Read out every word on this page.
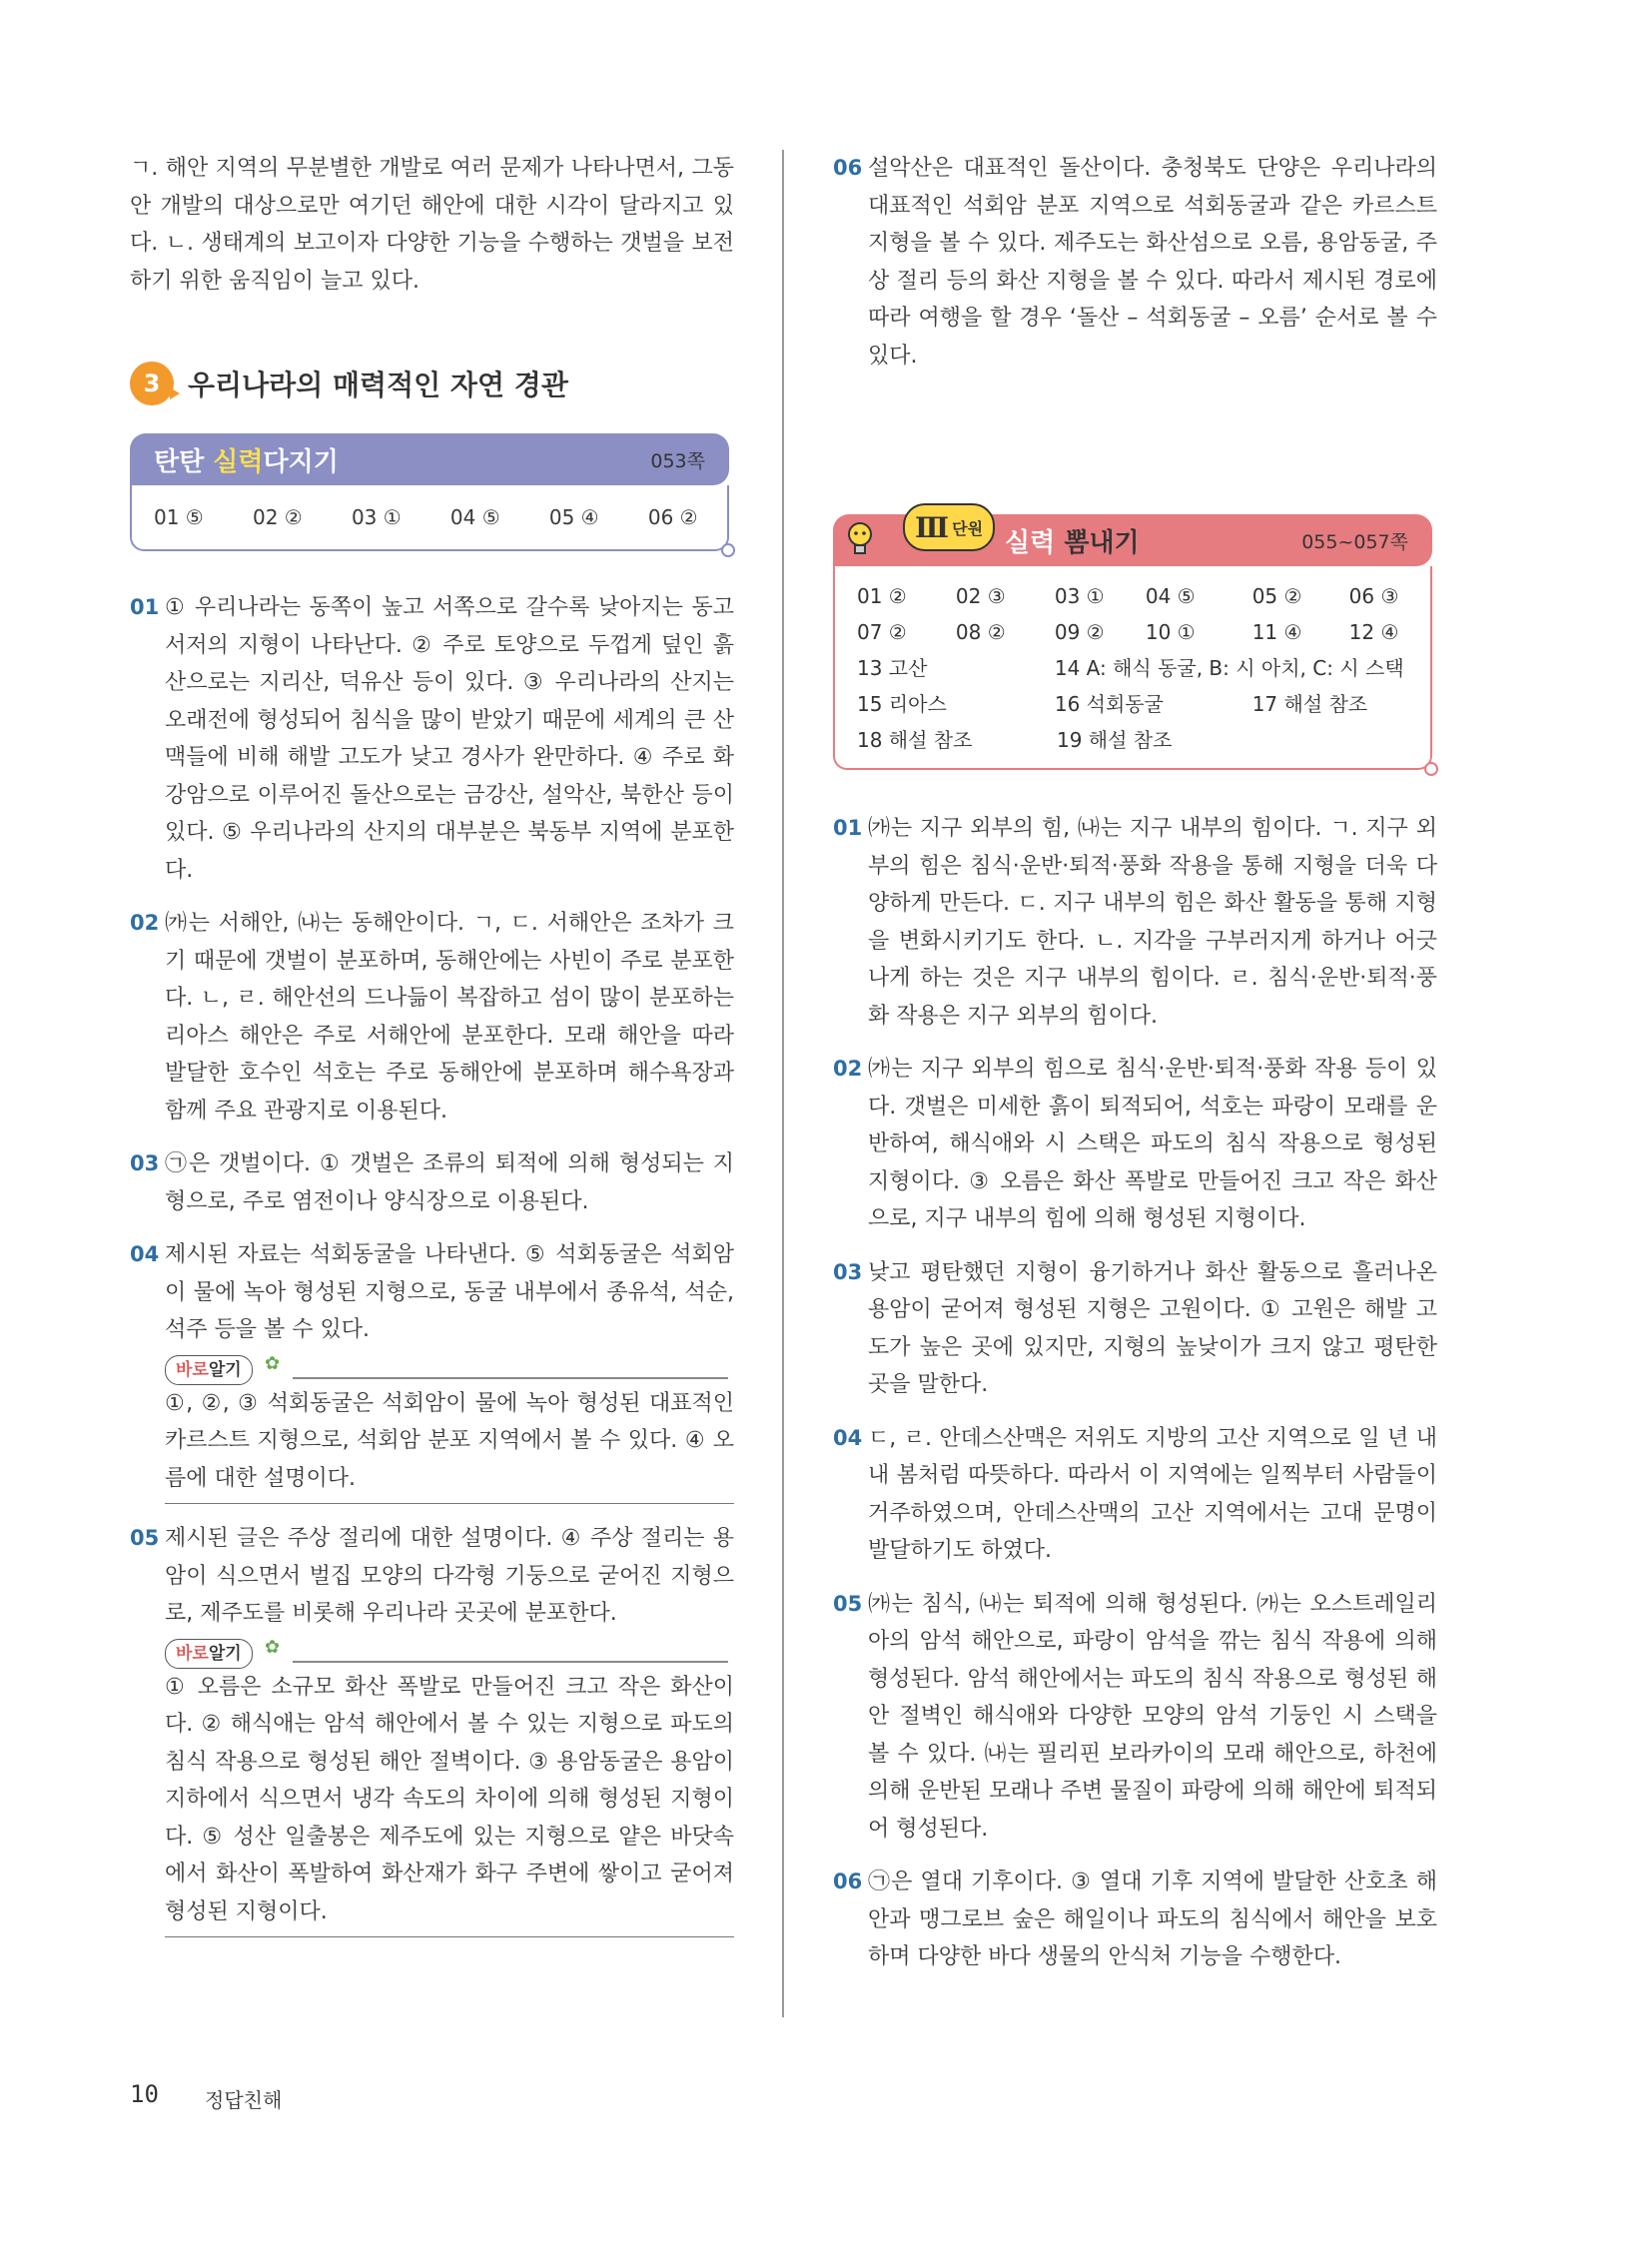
ㄱ. 해안 지역의 무분별한 개발로 여러 문제가 나타나면서, 그동안 개발의 대상으로만 여기던 해안에 대한 시각이 달라지고 있다. ㄴ. 생태계의 보고이자 다양한 기능을 수행하는 갯벌을 보전하기 위한 움직임이 늘고 있다.

3 우리나라의 매력적인 자연 경관
탄탄 실력다지기	053쪽
01 ⑤	02 ②	03 ①	04 ⑤	05 ④	06 ②

01 ① 우리나라는 동쪽이 높고 서쪽으로 갈수록 낮아지는 동고서저의 지형이 나타난다. ② 주로 토양으로 두껍게 덮인 흙산으로는 지리산, 덕유산 등이 있다. ③ 우리나라의 산지는 오래전에 형성되어 침식을 많이 받았기 때문에 세계의 큰 산맥들에 비해 해발 고도가 낮고 경사가 완만하다. ④ 주로 화강암으로 이루어진 돌산으로는 금강산, 설악산, 북한산 등이 있다. ⑤ 우리나라의 산지의 대부분은 북동부 지역에 분포한다.

02 ㈎는 서해안, ㈏는 동해안이다. ㄱ, ㄷ. 서해안은 조차가 크기 때문에 갯벌이 분포하며, 동해안에는 사빈이 주로 분포한다. ㄴ, ㄹ. 해안선의 드나듦이 복잡하고 섬이 많이 분포하는 리아스 해안은 주로 서해안에 분포한다. 모래 해안을 따라 발달한 호수인 석호는 주로 동해안에 분포하며 해수욕장과 함께 주요 관광지로 이용된다.

03 ㉠은 갯벌이다. ① 갯벌은 조류의 퇴적에 의해 형성되는 지형으로, 주로 염전이나 양식장으로 이용된다.

04 제시된 자료는 석회동굴을 나타낸다. ⑤ 석회동굴은 석회암이 물에 녹아 형성된 지형으로, 동굴 내부에서 종유석, 석순, 석주 등을 볼 수 있다.

바로알기 ✿
①, ②, ③ 석회동굴은 석회암이 물에 녹아 형성된 대표적인 카르스트 지형으로, 석회암 분포 지역에서 볼 수 있다. ④ 오름에 대한 설명이다.

05 제시된 글은 주상 절리에 대한 설명이다. ④ 주상 절리는 용암이 식으면서 벌집 모양의 다각형 기둥으로 굳어진 지형으로, 제주도를 비롯해 우리나라 곳곳에 분포한다.

바로알기 ✿
① 오름은 소규모 화산 폭발로 만들어진 크고 작은 화산이다. ② 해식애는 암석 해안에서 볼 수 있는 지형으로 파도의 침식 작용으로 형성된 해안 절벽이다. ③ 용암동굴은 용암이 지하에서 식으면서 냉각 속도의 차이에 의해 형성된 지형이다. ⑤ 성산 일출봉은 제주도에 있는 지형으로 얕은 바닷속에서 화산이 폭발하여 화산재가 화구 주변에 쌓이고 굳어져 형성된 지형이다.

06 설악산은 대표적인 돌산이다. 충청북도 단양은 우리나라의 대표적인 석회암 분포 지역으로 석회동굴과 같은 카르스트 지형을 볼 수 있다. 제주도는 화산섬으로 오름, 용암동굴, 주상 절리 등의 화산 지형을 볼 수 있다. 따라서 제시된 경로에 따라 여행을 할 경우 ‘돌산 – 석회동굴 – 오름’ 순서로 볼 수 있다.

Ⅲ 단원 실력
뽐내기	055~057쪽
01 ②	02 ③	03 ①	04 ⑤	05 ②	06 ③
07 ②	08 ②	09 ②	10 ①	11 ④	12 ④
13 고산	14 A: 해식 동굴, B: 시 아치, C: 시 스택
15 리아스	16 석회동굴	17 해설 참조
18 해설 참조	19 해설 참조

01 ㈎는 지구 외부의 힘, ㈏는 지구 내부의 힘이다. ㄱ. 지구 외부의 힘은 침식·운반·퇴적·풍화 작용을 통해 지형을 더욱 다양하게 만든다. ㄷ. 지구 내부의 힘은 화산 활동을 통해 지형을 변화시키기도 한다. ㄴ. 지각을 구부러지게 하거나 어긋나게 하는 것은 지구 내부의 힘이다. ㄹ. 침식·운반·퇴적·풍화 작용은 지구 외부의 힘이다.

02 ㈎는 지구 외부의 힘으로 침식·운반·퇴적·풍화 작용 등이 있다. 갯벌은 미세한 흙이 퇴적되어, 석호는 파랑이 모래를 운반하여, 해식애와 시 스택은 파도의 침식 작용으로 형성된 지형이다. ③ 오름은 화산 폭발로 만들어진 크고 작은 화산으로, 지구 내부의 힘에 의해 형성된 지형이다.

03 낮고 평탄했던 지형이 융기하거나 화산 활동으로 흘러나온 용암이 굳어져 형성된 지형은 고원이다. ① 고원은 해발 고도가 높은 곳에 있지만, 지형의 높낮이가 크지 않고 평탄한 곳을 말한다.

04 ㄷ, ㄹ. 안데스산맥은 저위도 지방의 고산 지역으로 일 년 내내 봄처럼 따뜻하다. 따라서 이 지역에는 일찍부터 사람들이 거주하였으며, 안데스산맥의 고산 지역에서는 고대 문명이 발달하기도 하였다.

05 ㈎는 침식, ㈏는 퇴적에 의해 형성된다. ㈎는 오스트레일리아의 암석 해안으로, 파랑이 암석을 깎는 침식 작용에 의해 형성된다. 암석 해안에서는 파도의 침식 작용으로 형성된 해안 절벽인 해식애와 다양한 모양의 암석 기둥인 시 스택을 볼 수 있다. ㈏는 필리핀 보라카이의 모래 해안으로, 하천에 의해 운반된 모래나 주변 물질이 파랑에 의해 해안에 퇴적되어 형성된다.

06 ㉠은 열대 기후이다. ③ 열대 기후 지역에 발달한 산호초 해안과 맹그로브 숲은 해일이나 파도의 침식에서 해안을 보호하며 다양한 바다 생물의 안식처 기능을 수행한다.

10 정답친해
